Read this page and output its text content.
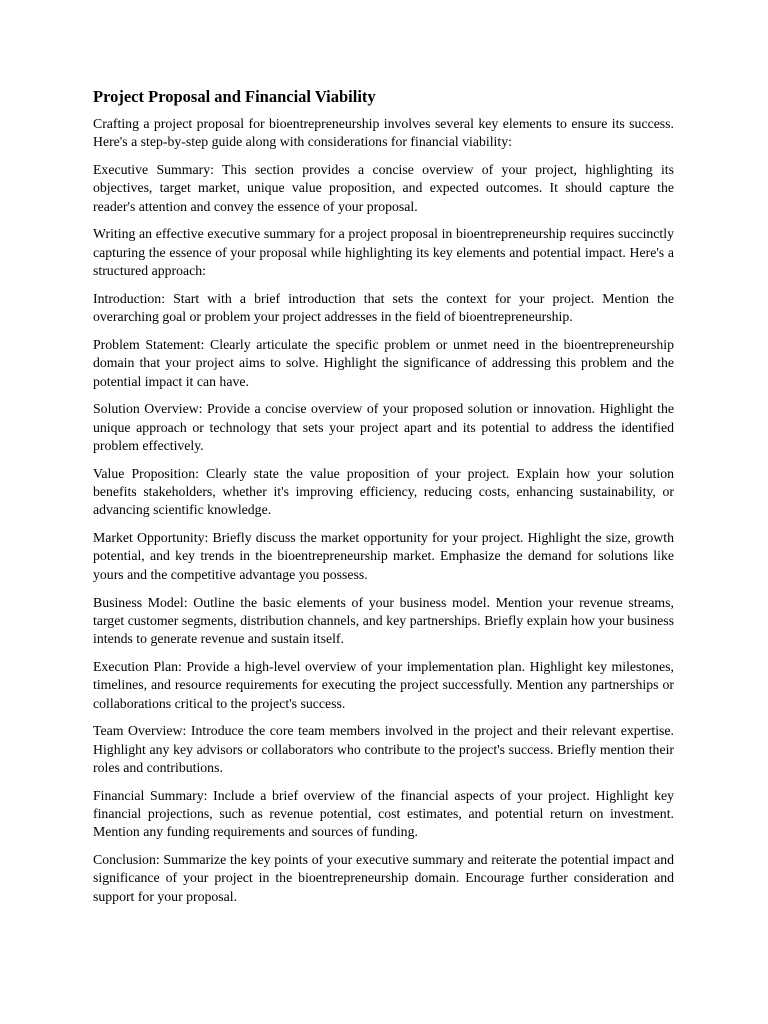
Project Proposal and Financial Viability

Crafting a project proposal for bioentrepreneurship involves several key elements to ensure its success. Here's a step-by-step guide along with considerations for financial viability:

Executive Summary: This section provides a concise overview of your project, highlighting its objectives, target market, unique value proposition, and expected outcomes. It should capture the reader's attention and convey the essence of your proposal.

Writing an effective executive summary for a project proposal in bioentrepreneurship requires succinctly capturing the essence of your proposal while highlighting its key elements and potential impact. Here's a structured approach:

Introduction: Start with a brief introduction that sets the context for your project. Mention the overarching goal or problem your project addresses in the field of bioentrepreneurship.

Problem Statement: Clearly articulate the specific problem or unmet need in the bioentrepreneurship domain that your project aims to solve. Highlight the significance of addressing this problem and the potential impact it can have.

Solution Overview: Provide a concise overview of your proposed solution or innovation. Highlight the unique approach or technology that sets your project apart and its potential to address the identified problem effectively.

Value Proposition: Clearly state the value proposition of your project. Explain how your solution benefits stakeholders, whether it's improving efficiency, reducing costs, enhancing sustainability, or advancing scientific knowledge.

Market Opportunity: Briefly discuss the market opportunity for your project. Highlight the size, growth potential, and key trends in the bioentrepreneurship market. Emphasize the demand for solutions like yours and the competitive advantage you possess.

Business Model: Outline the basic elements of your business model. Mention your revenue streams, target customer segments, distribution channels, and key partnerships. Briefly explain how your business intends to generate revenue and sustain itself.

Execution Plan: Provide a high-level overview of your implementation plan. Highlight key milestones, timelines, and resource requirements for executing the project successfully. Mention any partnerships or collaborations critical to the project's success.

Team Overview: Introduce the core team members involved in the project and their relevant expertise. Highlight any key advisors or collaborators who contribute to the project's success. Briefly mention their roles and contributions.

Financial Summary: Include a brief overview of the financial aspects of your project. Highlight key financial projections, such as revenue potential, cost estimates, and potential return on investment. Mention any funding requirements and sources of funding.

Conclusion: Summarize the key points of your executive summary and reiterate the potential impact and significance of your project in the bioentrepreneurship domain. Encourage further consideration and support for your proposal.
